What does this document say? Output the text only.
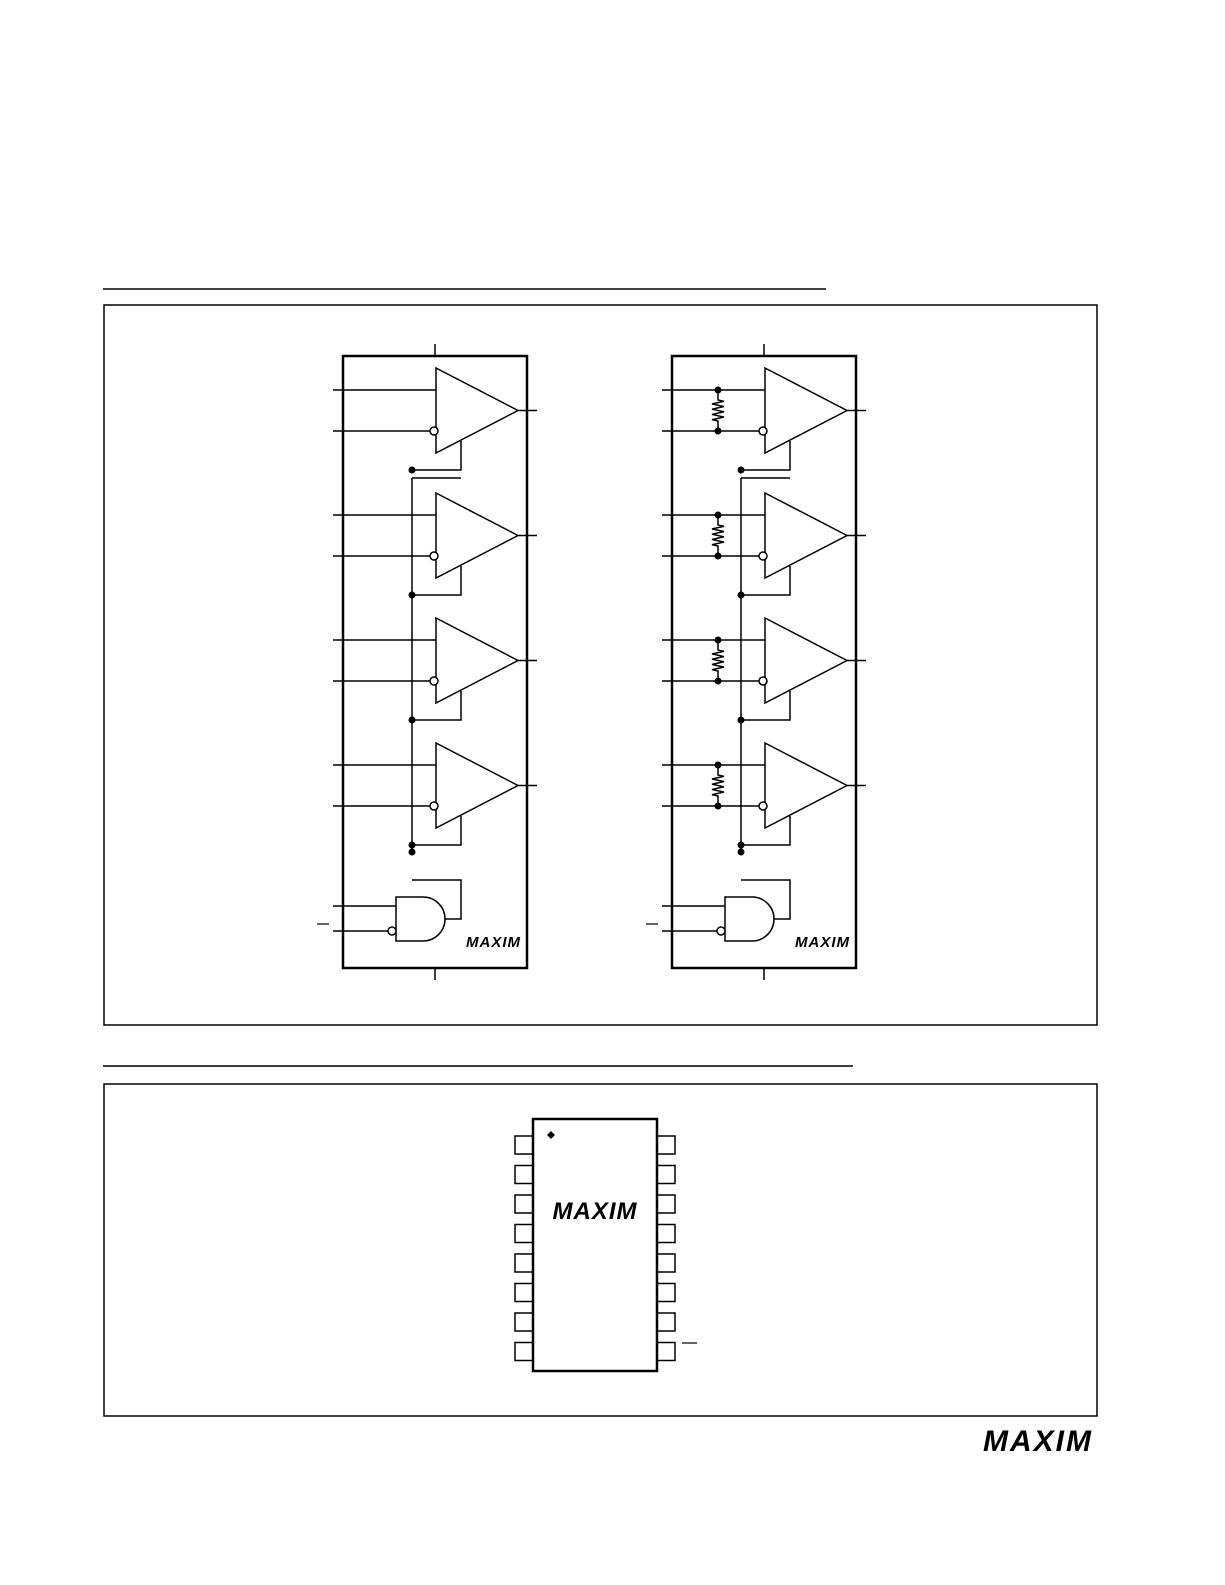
MAXIM	MAXIM
MAXIM
MAXIM
